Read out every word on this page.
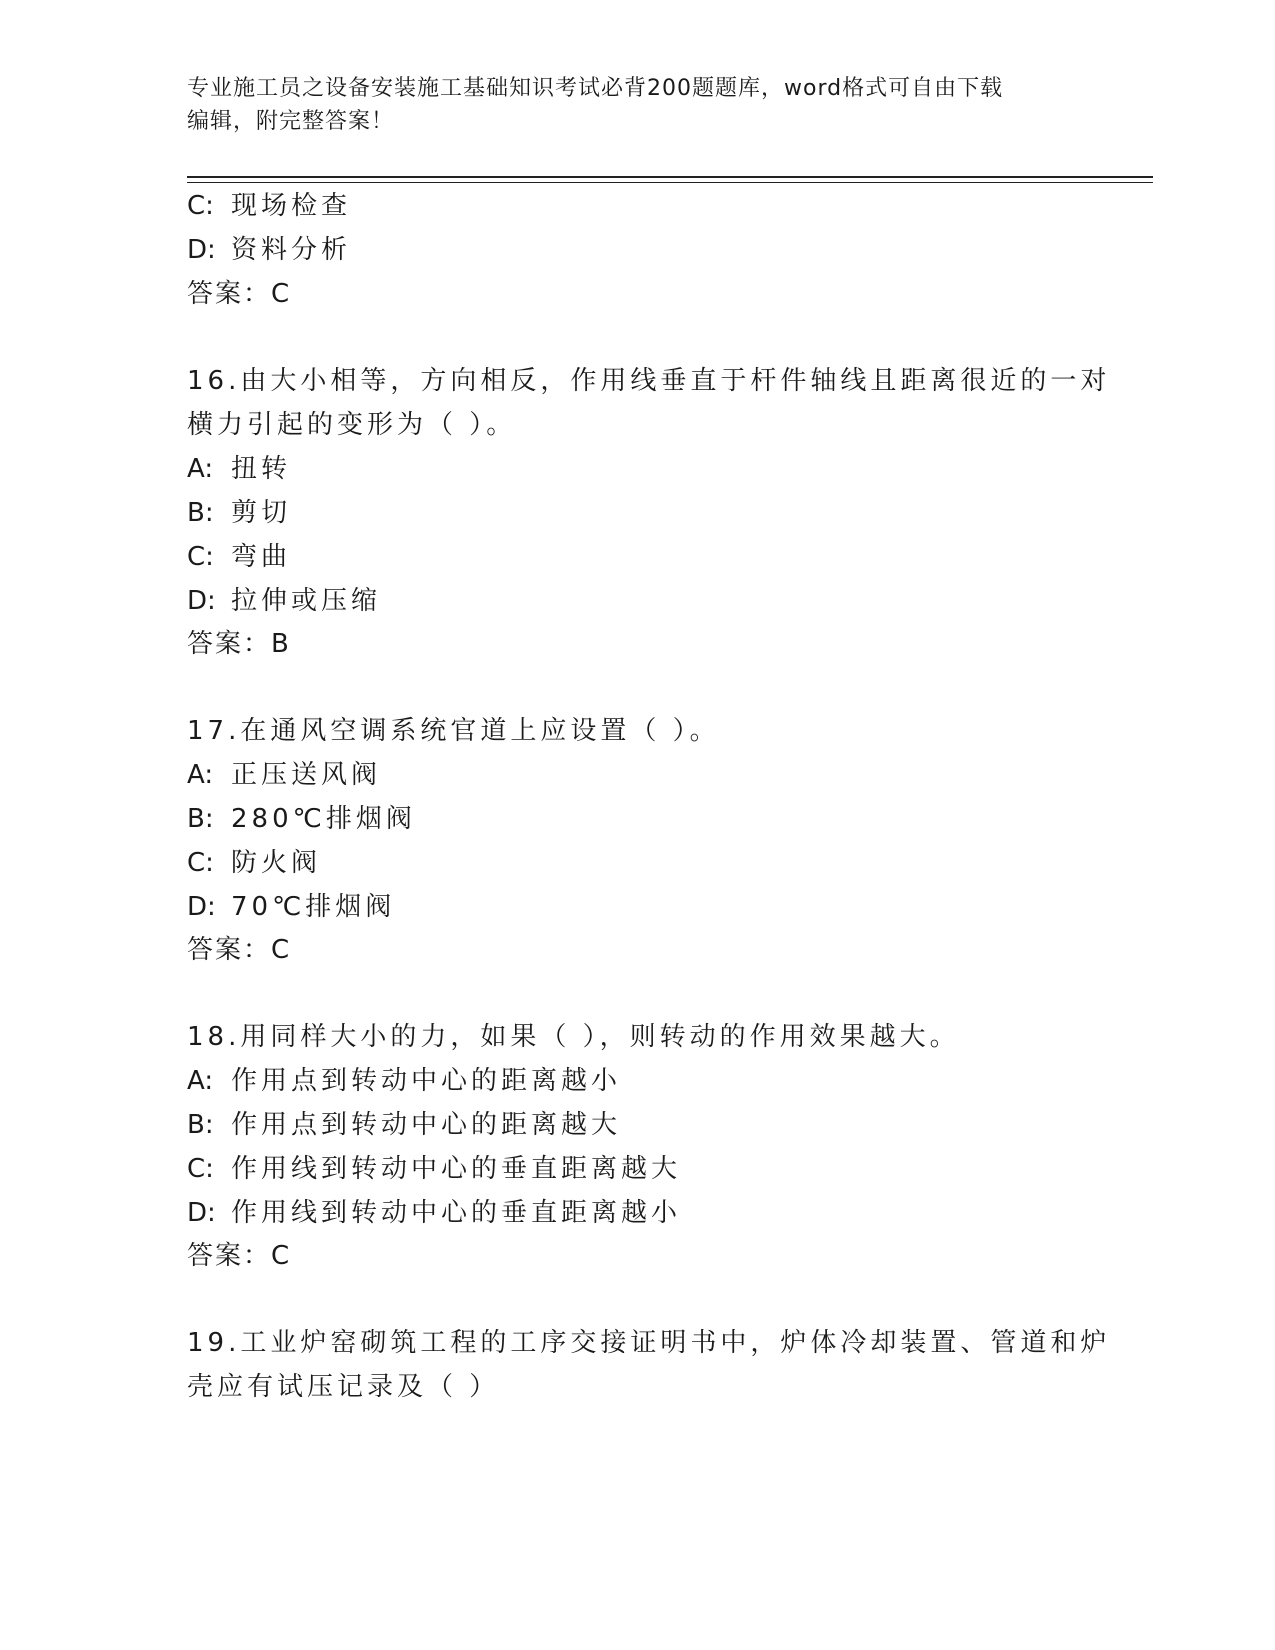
专业施工员之设备安装施工基础知识考试必背200题题库，word格式可自由下载
编辑，附完整答案！
C: 现场检查
D: 资料分析
答案：C
16.由大小相等，方向相反，作用线垂直于杆件轴线且距离很近的一对
横力引起的变形为（ ）。
A: 扭转
B: 剪切
C: 弯曲
D: 拉伸或压缩
答案：B
17.在通风空调系统官道上应设置（ ）。
A: 正压送风阀
B: 280℃排烟阀
C: 防火阀
D: 70℃排烟阀
答案：C
18.用同样大小的力，如果（ ），则转动的作用效果越大。
A: 作用点到转动中心的距离越小
B: 作用点到转动中心的距离越大
C: 作用线到转动中心的垂直距离越大
D: 作用线到转动中心的垂直距离越小
答案：C
19.工业炉窑砌筑工程的工序交接证明书中，炉体冷却装置、管道和炉
壳应有试压记录及（ ）
